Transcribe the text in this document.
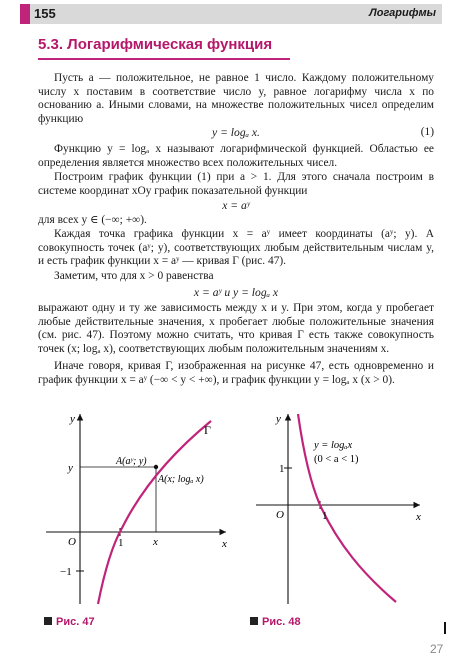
155	Логарифмы
5.3. Логарифмическая функция
Пусть a — положительное, не равное 1 число. Каждому положительному числу x поставим в соответствие число y, равное логарифму числа x по основанию a. Иными словами, на множестве положительных чисел определим функцию
y = logₐ x.	(1)
Функцию y = logₐ x называют логарифмической функцией. Областью ее определения является множество всех положительных чисел.
Построим график функции (1) при a > 1. Для этого сначала построим в системе координат xOy график показательной функции
x = aʸ
для всех y ∈ (−∞; +∞).
Каждая точка графика функции x = aʸ имеет координаты (aʸ; y). А совокупность точек (aʸ; y), соответствующих любым действительным числам y, и есть график функции x = aʸ — кривая Γ (рис. 47).
Заметим, что для x > 0 равенства
x = aʸ и y = logₐ x
выражают одну и ту же зависимость между x и y. При этом, когда y пробегает любые действительные значения, x пробегает любые положительные значения (см. рис. 47). Поэтому можно считать, что кривая Γ есть также совокупность точек (x; logₐ x), соответствующих любым положительным значениям x.
Иначе говоря, кривая Γ, изображенная на рисунке 47, есть одновременно и график функции x = aʸ (−∞ < y < +∞), и график функции y = logₐ x (x > 0).
y
x
O	1
−1
Γ
y
x
A(aʸ; y)
A(x; logₐ x)
Рис. 47
y
x
O
1
1
y = logₐx
(0 < a < 1)
Рис. 48
27
